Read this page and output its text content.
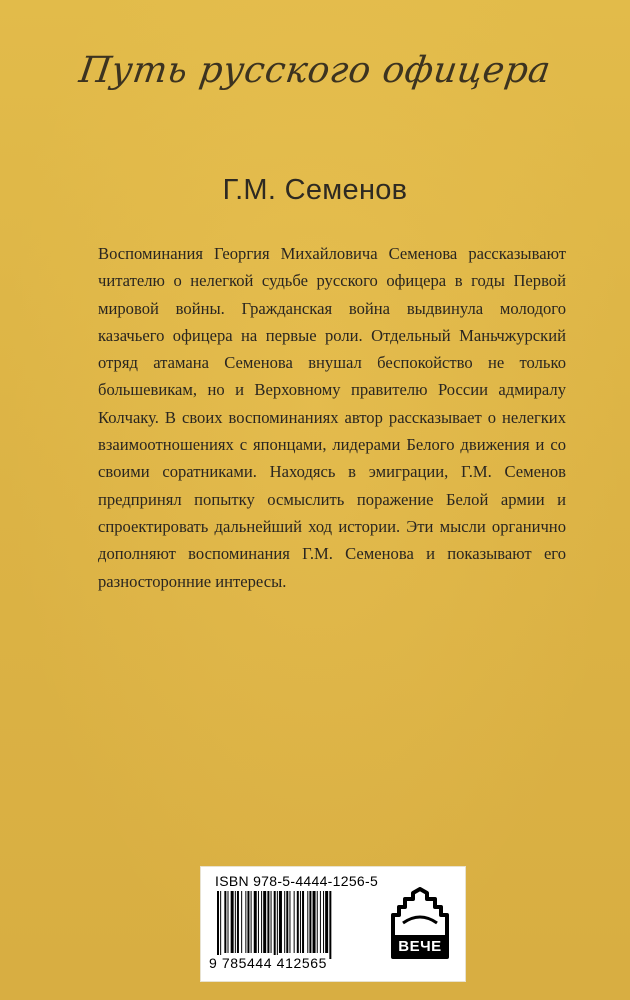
Путь русского офицера
Г.М. Семенов

Воспоминания Георгия Михайловича Семенова рассказывают читателю о нелегкой судьбе русского офицера в годы Первой мировой войны. Гражданская война выдвинула молодого казачьего офицера на первые роли. Отдельный Маньчжурский отряд атамана Семенова внушал беспокойство не только большевикам, но и Верховному правителю России адмиралу Колчаку. В своих воспоминаниях автор рассказывает о нелегких взаимоотношениях с японцами, лидерами Белого движения и со своими соратниками. Находясь в эмиграции, Г.М. Семенов предпринял попытку осмыслить поражение Белой армии и спроектировать дальнейший ход истории. Эти мысли органично дополняют воспоминания Г.М. Семенова и показывают его разносторонние интересы.

ISBN 978-5-4444-1256-5
9 785444 412565
ВЕЧЕ
